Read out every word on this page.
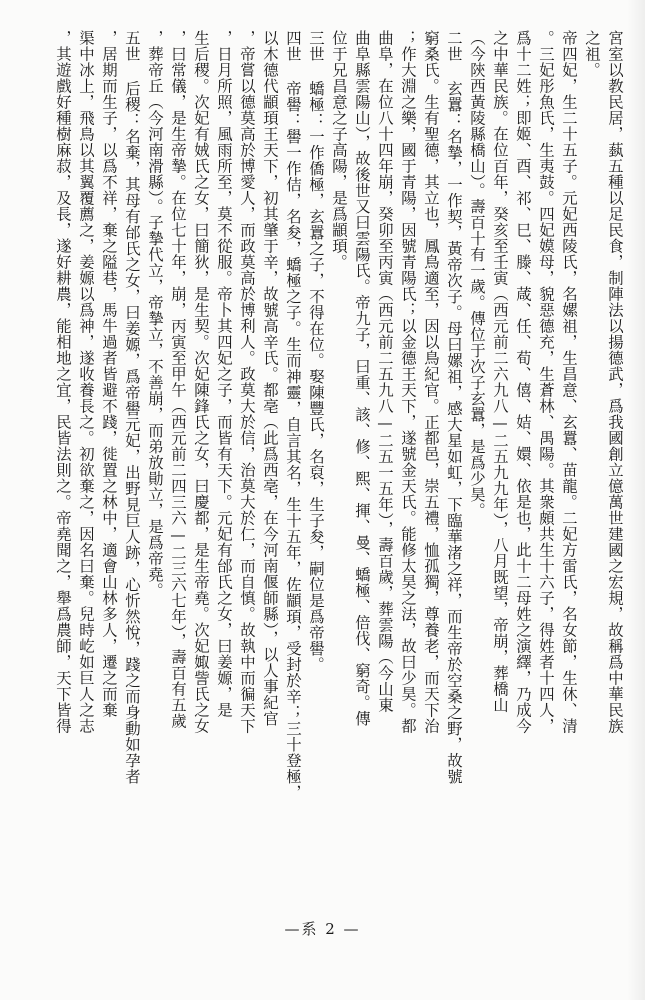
宮室以教民居，蓺五種以足民食，制陣法以揚德武，爲我國創立億萬世建國之宏規，故稱爲中華民族
之祖。
帝四妃，生二十五子。元妃西陵氏，名嫘祖，生昌意、玄囂、苗龍。二妃方雷氏，名女節，生休、清
。三妃彤魚氏，生夷鼓。四妃嫫母，貌惡德充，生蒼林、禺陽。其衆頗共生十六子，得姓者十四人，
爲十二姓；即姬、酉、祁、巳、滕、葴、任、荀、僖、姞、嬛、依是也，此十二母姓之演繹，乃成今
之中華民族。在位百年，癸亥至壬寅（西元前二六九八—二五九九年），八月既望，帝崩，葬橋山
（今陝西黃陵縣橋山）。壽百十有一歲。傳位于次子玄囂，是爲少昊。
二世 玄囂：名摯，一作契，黃帝次子。母曰嫘祖，感大星如虹，下臨華渚之祥，而生帝於空桑之野，故號
窮桑氏。生有聖德，其立也，鳳鳥適至，因以鳥紀官。正都邑，崇五禮，恤孤獨，尊養老，而天下治
；作大淵之樂，國于青陽，因號青陽氏；以金德王天下，遂號金天氏。能修太昊之法，故曰少昊。都
曲阜，在位八十四年崩，癸卯至丙寅（西元前二五九八—二五一五年），壽百歲，葬雲陽（今山東
曲阜縣雲陽山），故後世又曰雲陽氏。帝九子，曰重、該、修、熙、揮、曼、蟜極、倍伐、窮奇。傳
位于兄昌意之子高陽，是爲顓頊。
三世 蟜極：一作僑極，玄囂之子，不得在位。娶陳豐氏，名裒，生子夋，嗣位是爲帝嚳。
四世 帝嚳：嚳一作佶，名夋，蟜極之子。生而神靈，自言其名，生十五年，佐顓頊，受封於辛；三十登極，
以木德代顓頊王天下，初其肇于辛，故號高辛氏。都亳（此爲西亳，在今河南偃師縣），以人事紀官
，帝嘗以德莫高於博愛人，而政莫高於博利人。政莫大於信，治莫大於仁，而自慎。故執中而徧天下
，日月所照，風雨所至，莫不從服。帝卜其四妃之子，而皆有天下。元妃有邰氏之女，曰姜嫄，是
生后稷。次妃有娀氏之女，曰簡狄，是生契。次妃陳鋒氏之女，曰慶都，是生帝堯。次妃娵訾氏之女
，曰常儀，是生帝摯。在位七十年，崩，丙寅至甲午（西元前二四三六—二三六七年），壽百有五歲
，葬帝丘（今河南滑縣）。子摯代立，帝摯立，不善崩，而弟放勛立，是爲帝堯。
五世 后稷：名棄，其母有邰氏之女，曰姜嫄，爲帝嚳元妃，出野見巨人跡，心忻然悅，踐之而身動如孕者
，居期而生子，以爲不祥，棄之隘巷，馬牛過者皆避不踐，徙置之林中，適會山林多人，遷之而棄
渠中冰上，飛鳥以其翼覆薦之，姜嫄以爲神，遂收養長之。初欲棄之，因名曰棄。兒時屹如巨人之志
，其遊戲好種樹麻菽，及長，遂好耕農，能相地之宜，民皆法則之。帝堯聞之，舉爲農師，天下皆得
—系 2 —
